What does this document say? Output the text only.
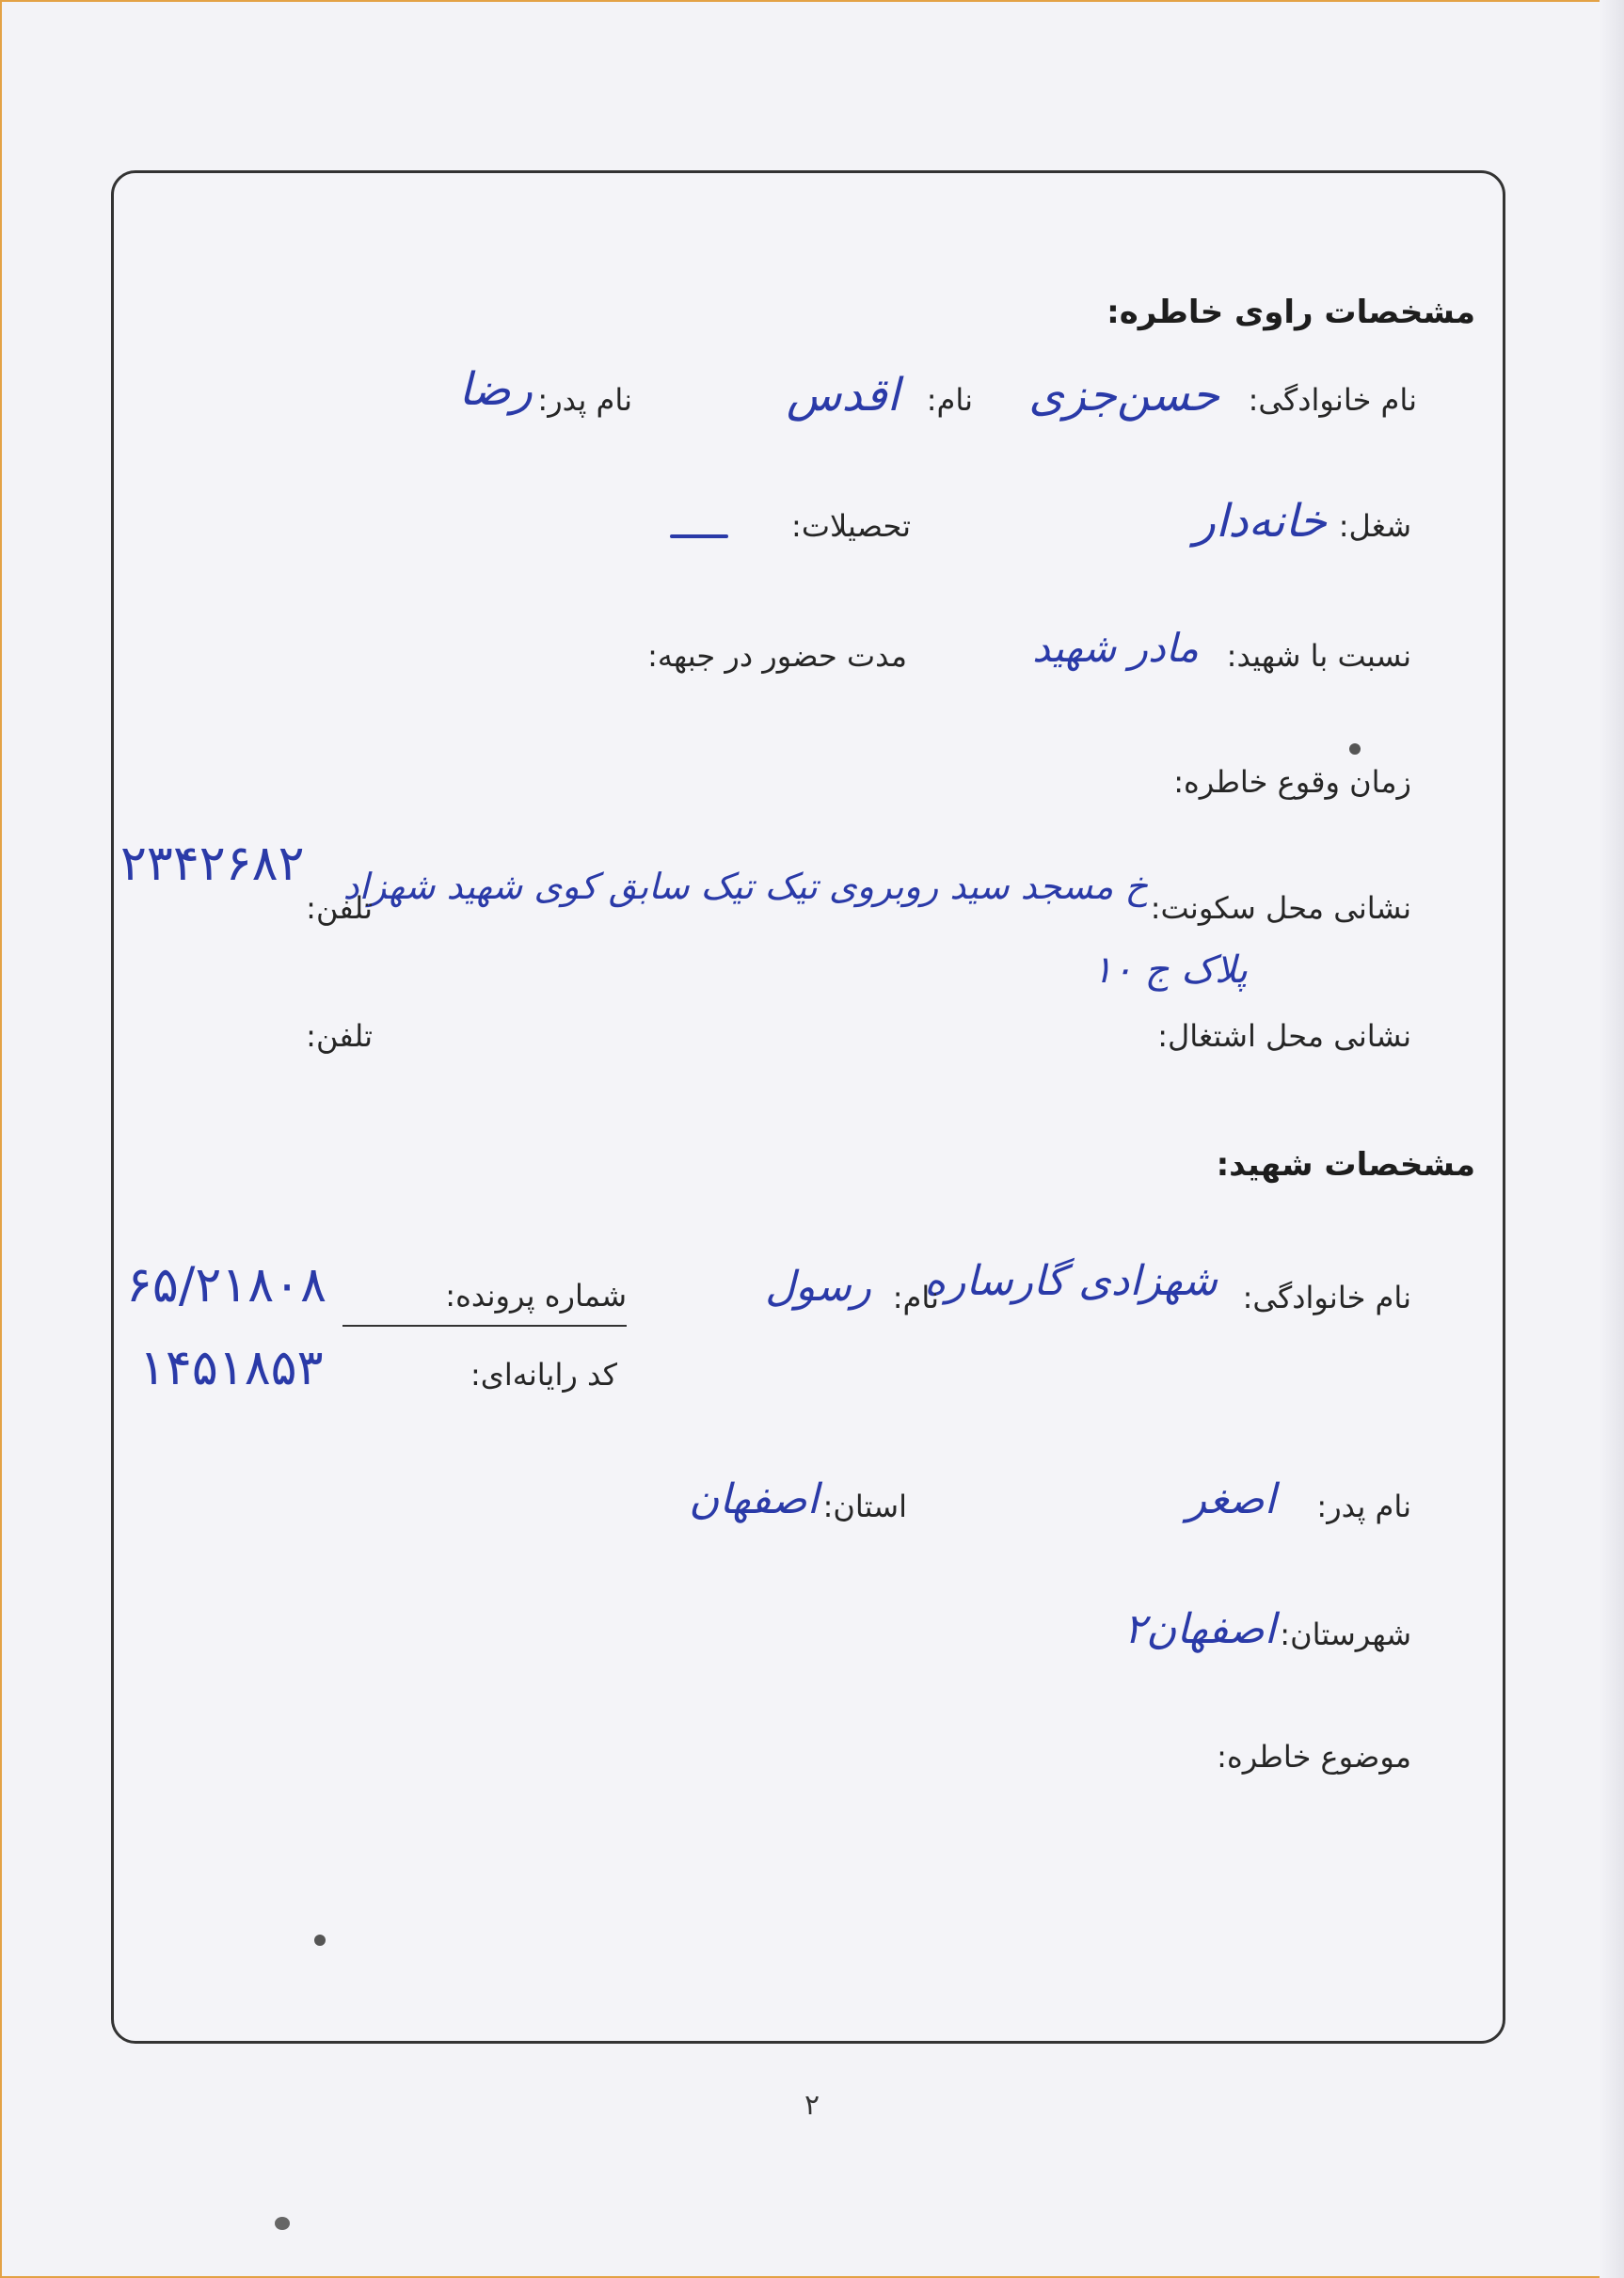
مشخصات راوی خاطره:
نام خانوادگی:
حسن‌جزی
نام:
اقدس
نام پدر:
رضا
شغل:
خانه‌دار
تحصیلات:
نسبت با شهید:
مادر شهید
مدت حضور در جبهه:
زمان وقوع خاطره:
نشانی محل سکونت:
خ مسجد سید روبروی تیک تیک سابق کوی شهید شهزاد
پلاک ج ۱۰
تلفن:
۲۳۴۲۶۸۲
نشانی محل اشتغال:
تلفن:
مشخصات شهید:
نام خانوادگی:
شهزادی گارساره
نام:
رسول
شماره پرونده:
۶۵/۲۱۸۰۸
کد رایانه‌ای:
۱۴۵۱۸۵۳
نام پدر:
اصغر
استان:
اصفهان
شهرستان:
اصفهان۲
موضوع خاطره:
۲
